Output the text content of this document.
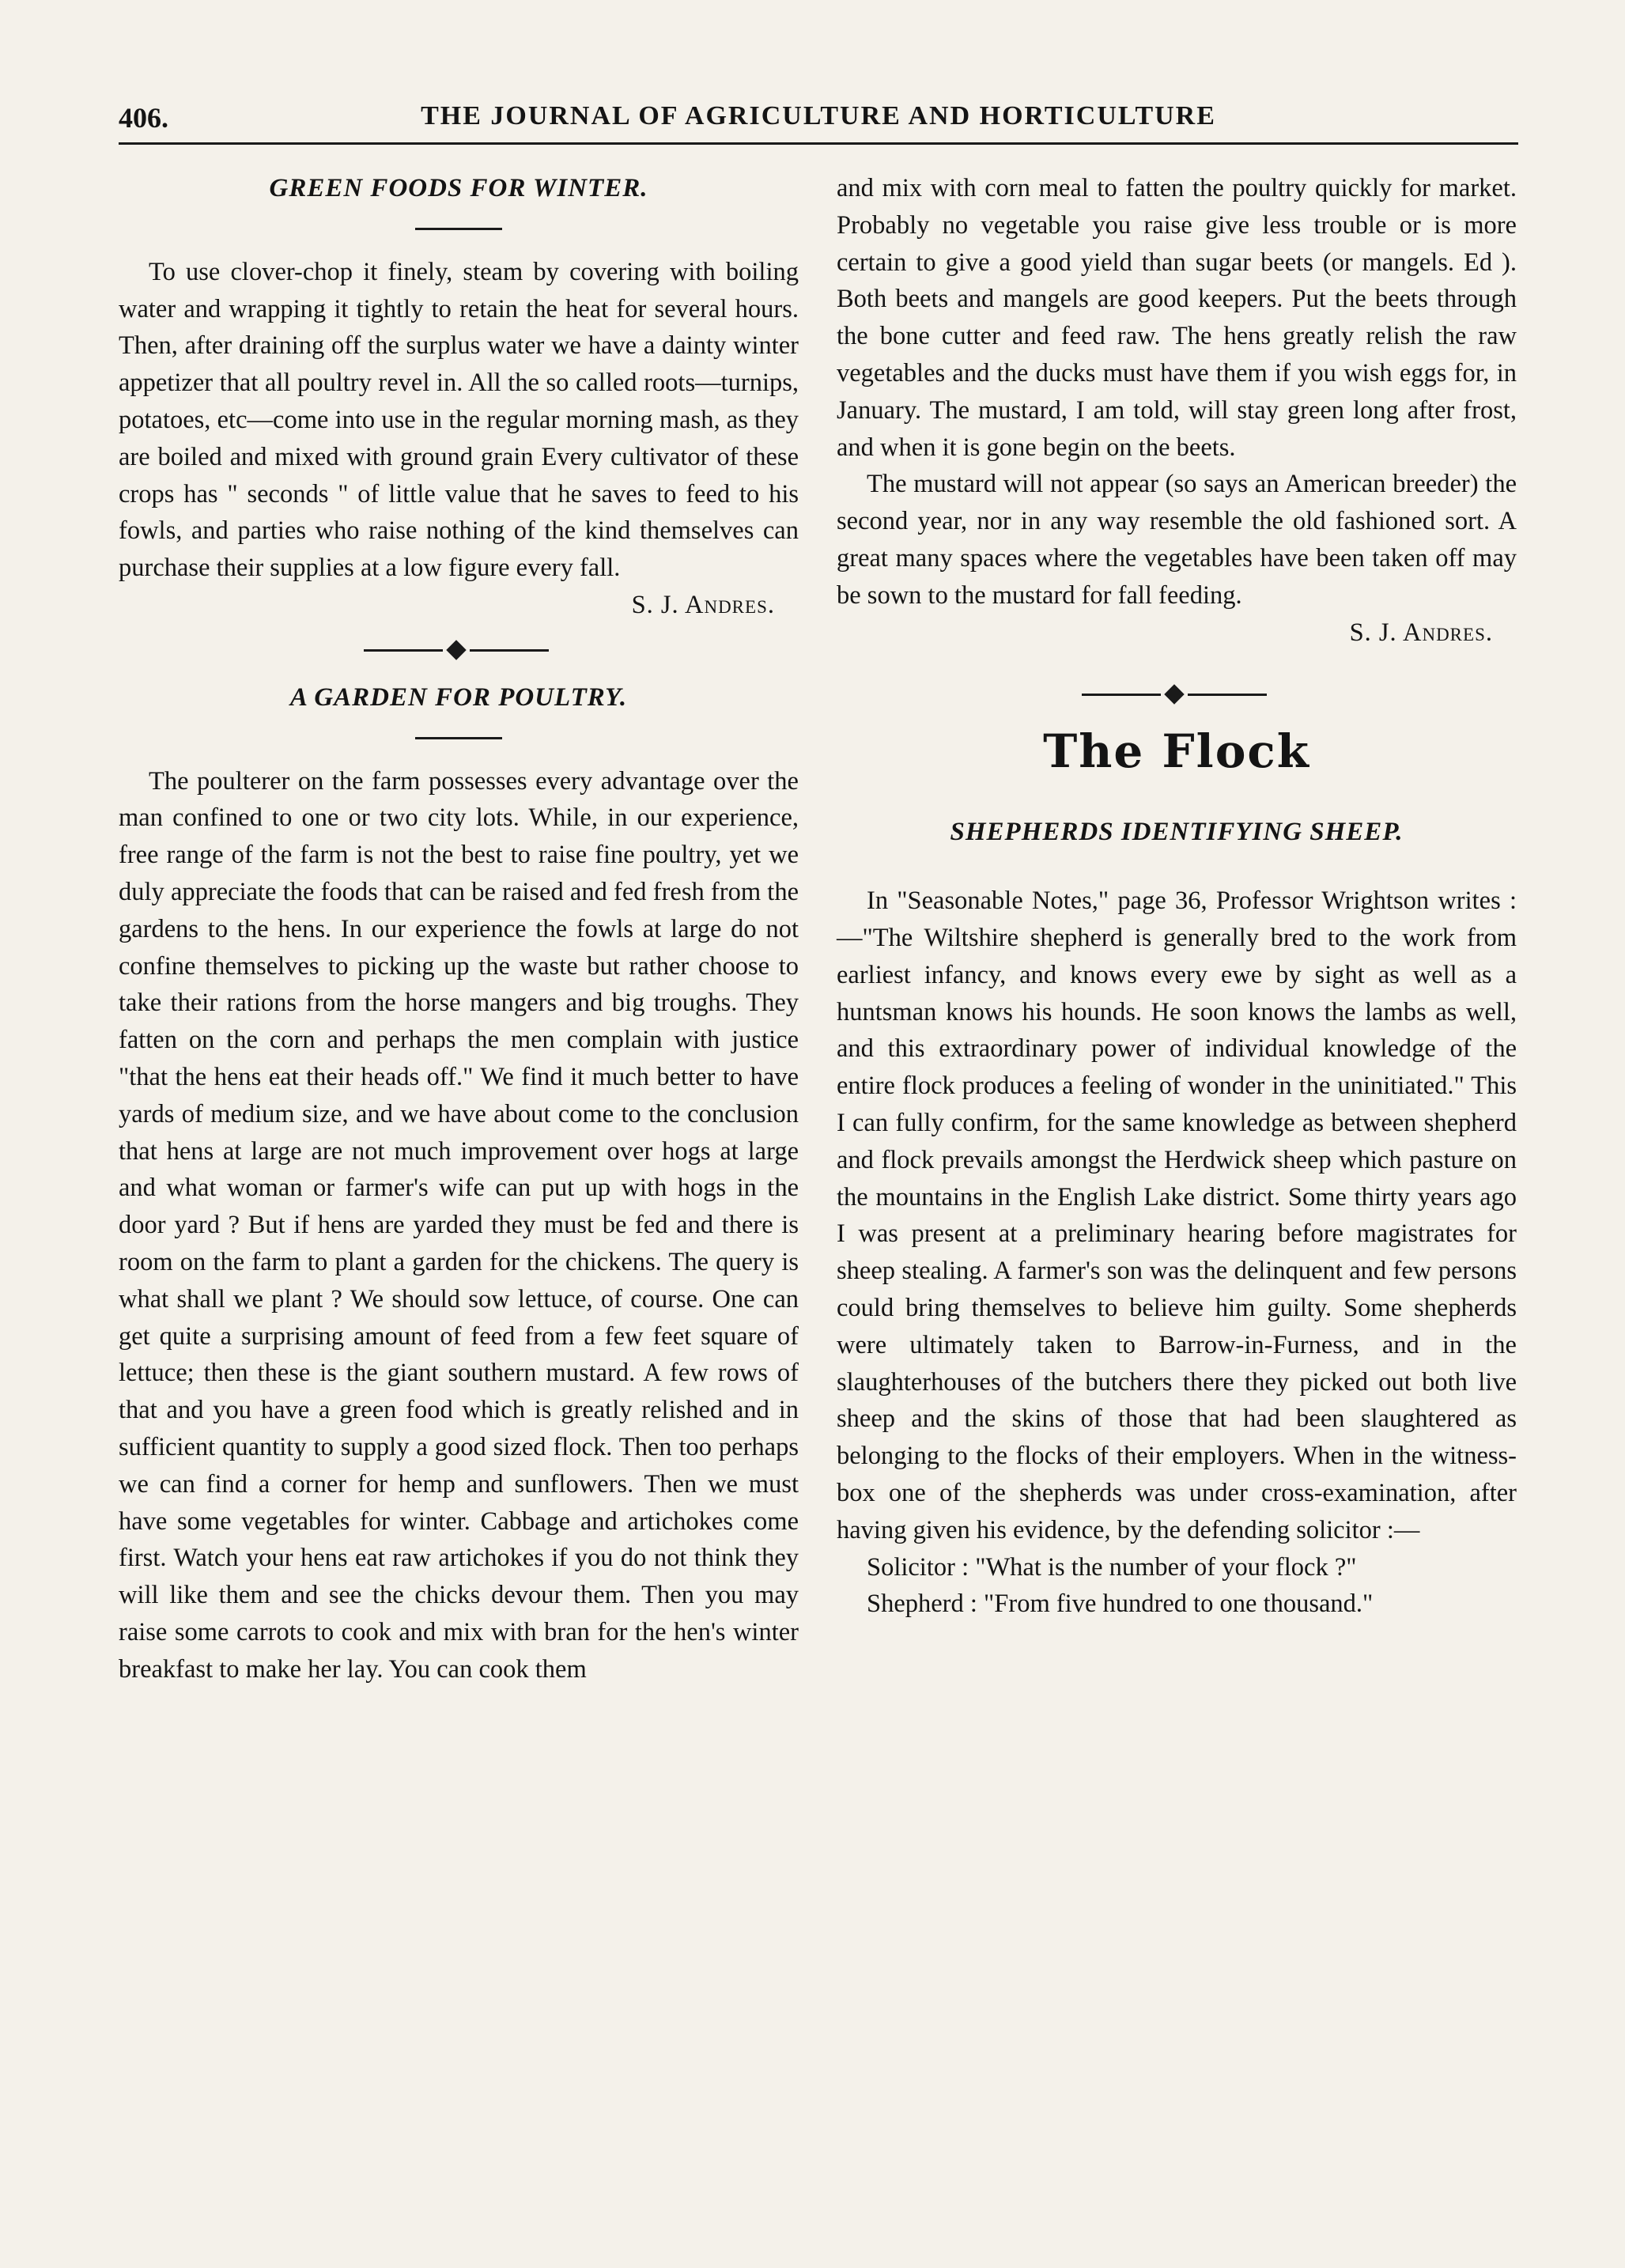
406.	THE JOURNAL OF AGRICULTURE AND HORTICULTURE
GREEN FOODS FOR WINTER.

To use clover-chop it finely, steam by covering with boiling water and wrapping it tightly to retain the heat for several hours. Then, after draining off the surplus water we have a dainty winter appetizer that all poultry revel in. All the so called roots—turnips, potatoes, etc—come into use in the regular morning mash, as they are boiled and mixed with ground grain Every cultivator of these crops has " seconds " of little value that he saves to feed to his fowls, and parties who raise nothing of the kind themselves can purchase their supplies at a low figure every fall.

S. J. Andres.

A GARDEN FOR POULTRY.

The poulterer on the farm possesses every advantage over the man confined to one or two city lots. While, in our experience, free range of the farm is not the best to raise fine poultry, yet we duly appreciate the foods that can be raised and fed fresh from the gardens to the hens. In our experience the fowls at large do not confine themselves to picking up the waste but rather choose to take their rations from the horse mangers and big troughs. They fatten on the corn and perhaps the men complain with justice "that the hens eat their heads off." We find it much better to have yards of medium size, and we have about come to the conclusion that hens at large are not much improvement over hogs at large and what woman or farmer's wife can put up with hogs in the door yard ? But if hens are yarded they must be fed and there is room on the farm to plant a garden for the chickens. The query is what shall we plant ? We should sow lettuce, of course. One can get quite a surprising amount of feed from a few feet square of lettuce; then these is the giant southern mustard. A few rows of that and you have a green food which is greatly relished and in sufficient quantity to supply a good sized flock. Then too perhaps we can find a corner for hemp and sunflowers. Then we must have some vegetables for winter. Cabbage and artichokes come first. Watch your hens eat raw artichokes if you do not think they will like them and see the chicks devour them. Then you may raise some carrots to cook and mix with bran for the hen's winter breakfast to make her lay. You can cook them

and mix with corn meal to fatten the poultry quickly for market. Probably no vegetable you raise give less trouble or is more certain to give a good yield than sugar beets (or mangels. Ed ). Both beets and mangels are good keepers. Put the beets through the bone cutter and feed raw. The hens greatly relish the raw vegetables and the ducks must have them if you wish eggs for, in January. The mustard, I am told, will stay green long after frost, and when it is gone begin on the beets.

The mustard will not appear (so says an American breeder) the second year, nor in any way resemble the old fashioned sort. A great many spaces where the vegetables have been taken off may be sown to the mustard for fall feeding.

S. J. Andres.

The Flock
SHEPHERDS IDENTIFYING SHEEP.

In "Seasonable Notes," page 36, Professor Wrightson writes :—"The Wiltshire shepherd is generally bred to the work from earliest infancy, and knows every ewe by sight as well as a huntsman knows his hounds. He soon knows the lambs as well, and this extraordinary power of individual knowledge of the entire flock produces a feeling of wonder in the uninitiated." This I can fully confirm, for the same knowledge as between shepherd and flock prevails amongst the Herdwick sheep which pasture on the mountains in the English Lake district. Some thirty years ago I was present at a preliminary hearing before magistrates for sheep stealing. A farmer's son was the delinquent and few persons could bring themselves to believe him guilty. Some shepherds were ultimately taken to Barrow-in-Furness, and in the slaughterhouses of the butchers there they picked out both live sheep and the skins of those that had been slaughtered as belonging to the flocks of their employers. When in the witness-box one of the shepherds was under cross-examination, after having given his evidence, by the defending solicitor :—

Solicitor : "What is the number of your flock ?"

Shepherd : "From five hundred to one thousand."
